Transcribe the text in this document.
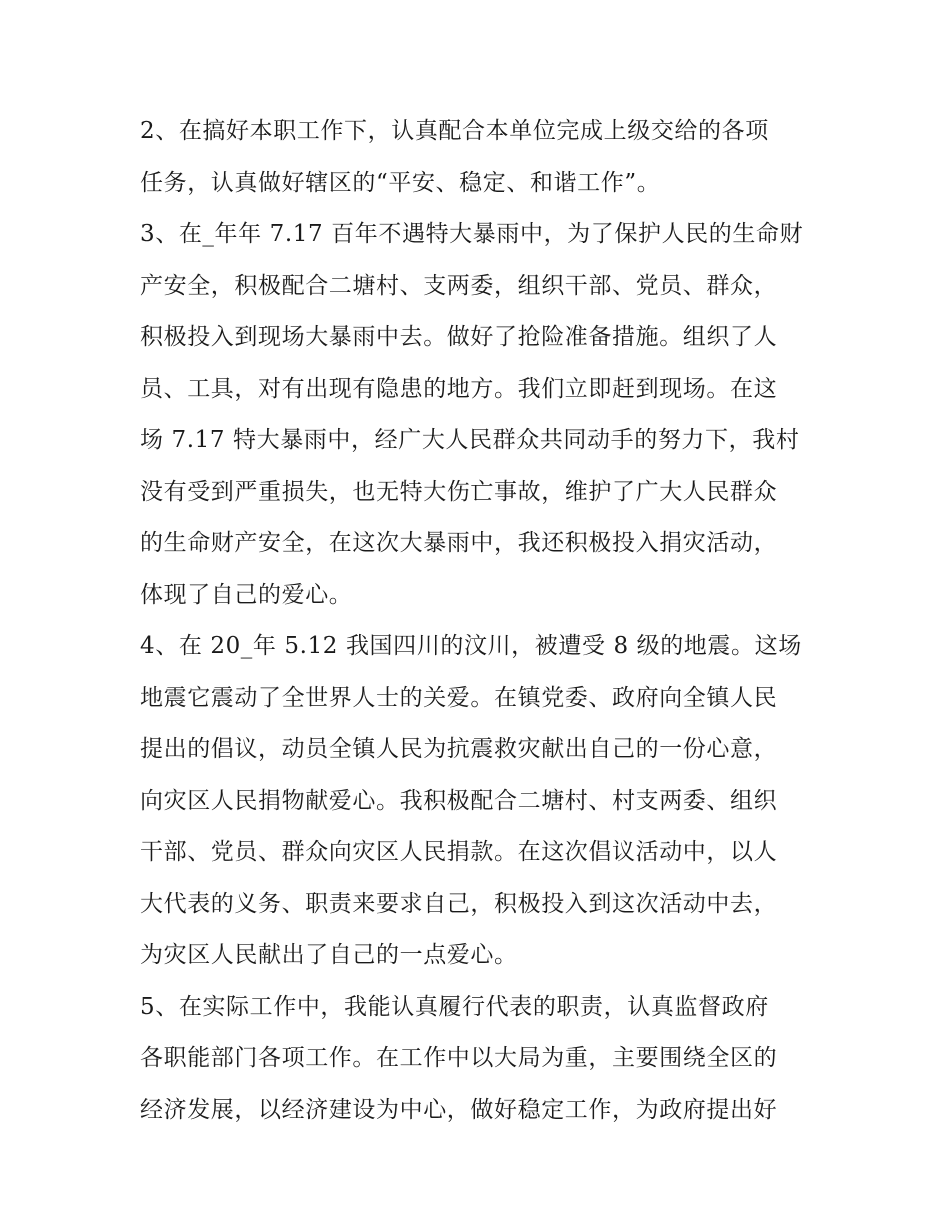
2、在搞好本职工作下，认真配合本单位完成上级交给的各项
任务，认真做好辖区的“平安、稳定、和谐工作”。
3、在_年年 7.17 百年不遇特大暴雨中，为了保护人民的生命财
产安全，积极配合二塘村、支两委，组织干部、党员、群众，
积极投入到现场大暴雨中去。做好了抢险准备措施。组织了人
员、工具，对有出现有隐患的地方。我们立即赶到现场。在这
场 7.17 特大暴雨中，经广大人民群众共同动手的努力下，我村
没有受到严重损失，也无特大伤亡事故，维护了广大人民群众
的生命财产安全，在这次大暴雨中，我还积极投入捐灾活动，
体现了自己的爱心。
4、在 20_年 5.12 我国四川的汶川，被遭受 8 级的地震。这场
地震它震动了全世界人士的关爱。在镇党委、政府向全镇人民
提出的倡议，动员全镇人民为抗震救灾献出自己的一份心意，
向灾区人民捐物献爱心。我积极配合二塘村、村支两委、组织
干部、党员、群众向灾区人民捐款。在这次倡议活动中，以人
大代表的义务、职责来要求自己，积极投入到这次活动中去，
为灾区人民献出了自己的一点爱心。
5、在实际工作中，我能认真履行代表的职责，认真监督政府
各职能部门各项工作。在工作中以大局为重，主要围绕全区的
经济发展，以经济建设为中心，做好稳定工作，为政府提出好
